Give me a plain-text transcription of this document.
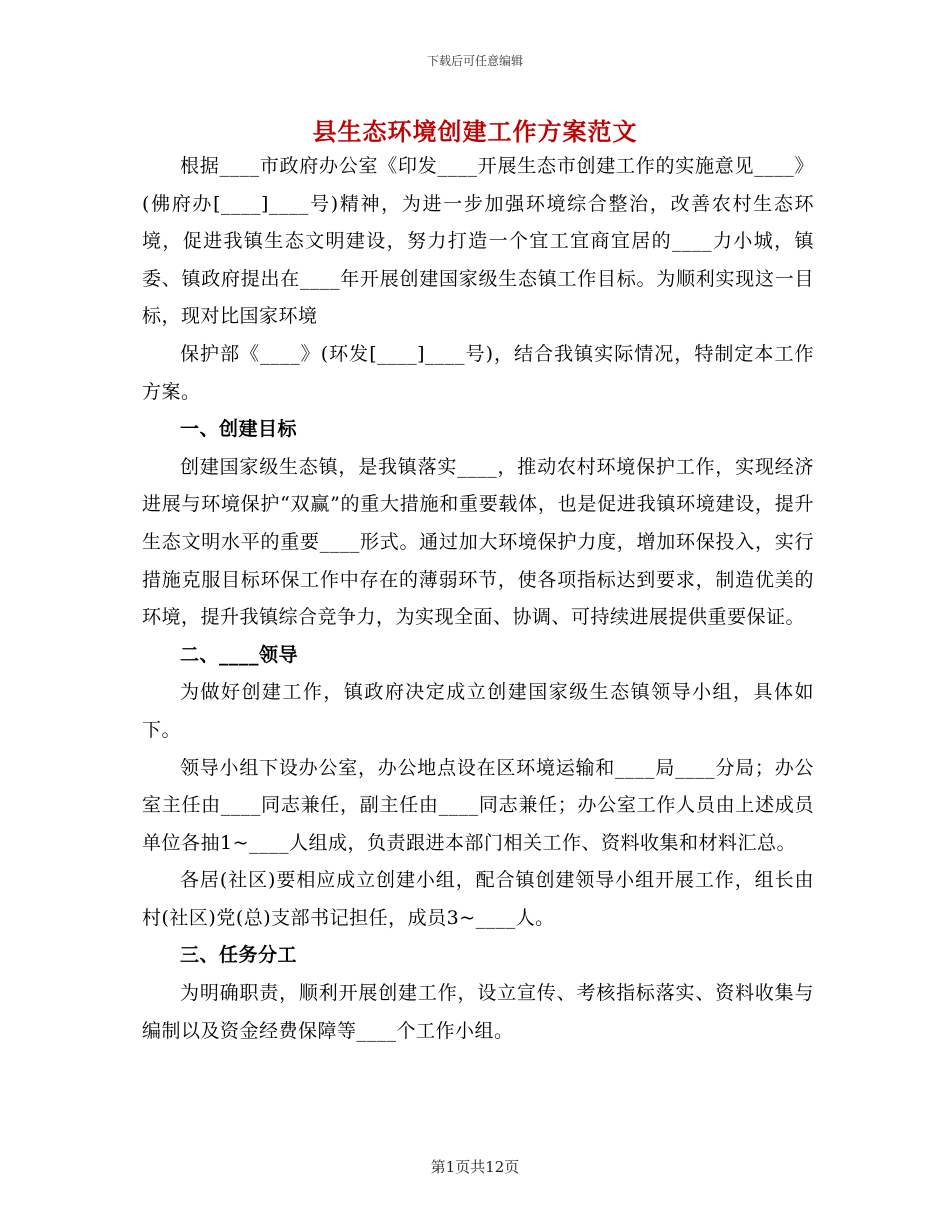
下载后可任意编辑
县生态环境创建工作方案范文

根据____市政府办公室《印发____开展生态市创建工作的实施意见____》(佛府办[____]____号)精神，为进一步加强环境综合整治，改善农村生态环境，促进我镇生态文明建设，努力打造一个宜工宜商宜居的____力小城，镇委、镇政府提出在____年开展创建国家级生态镇工作目标。为顺利实现这一目标，现对比国家环境

保护部《____》(环发[____]____号)，结合我镇实际情况，特制定本工作方案。

一、创建目标

创建国家级生态镇，是我镇落实____，推动农村环境保护工作，实现经济进展与环境保护“双赢”的重大措施和重要载体，也是促进我镇环境建设，提升生态文明水平的重要____形式。通过加大环境保护力度，增加环保投入，实行措施克服目标环保工作中存在的薄弱环节，使各项指标达到要求，制造优美的环境，提升我镇综合竞争力，为实现全面、协调、可持续进展提供重要保证。

二、____领导

为做好创建工作，镇政府决定成立创建国家级生态镇领导小组，具体如下。

领导小组下设办公室，办公地点设在区环境运输和____局____分局；办公室主任由____同志兼任，副主任由____同志兼任；办公室工作人员由上述成员单位各抽1~____人组成，负责跟进本部门相关工作、资料收集和材料汇总。

各居(社区)要相应成立创建小组，配合镇创建领导小组开展工作，组长由村(社区)党(总)支部书记担任，成员3~____人。

三、任务分工

为明确职责，顺利开展创建工作，设立宣传、考核指标落实、资料收集与编制以及资金经费保障等____个工作小组。

第1页共12页
